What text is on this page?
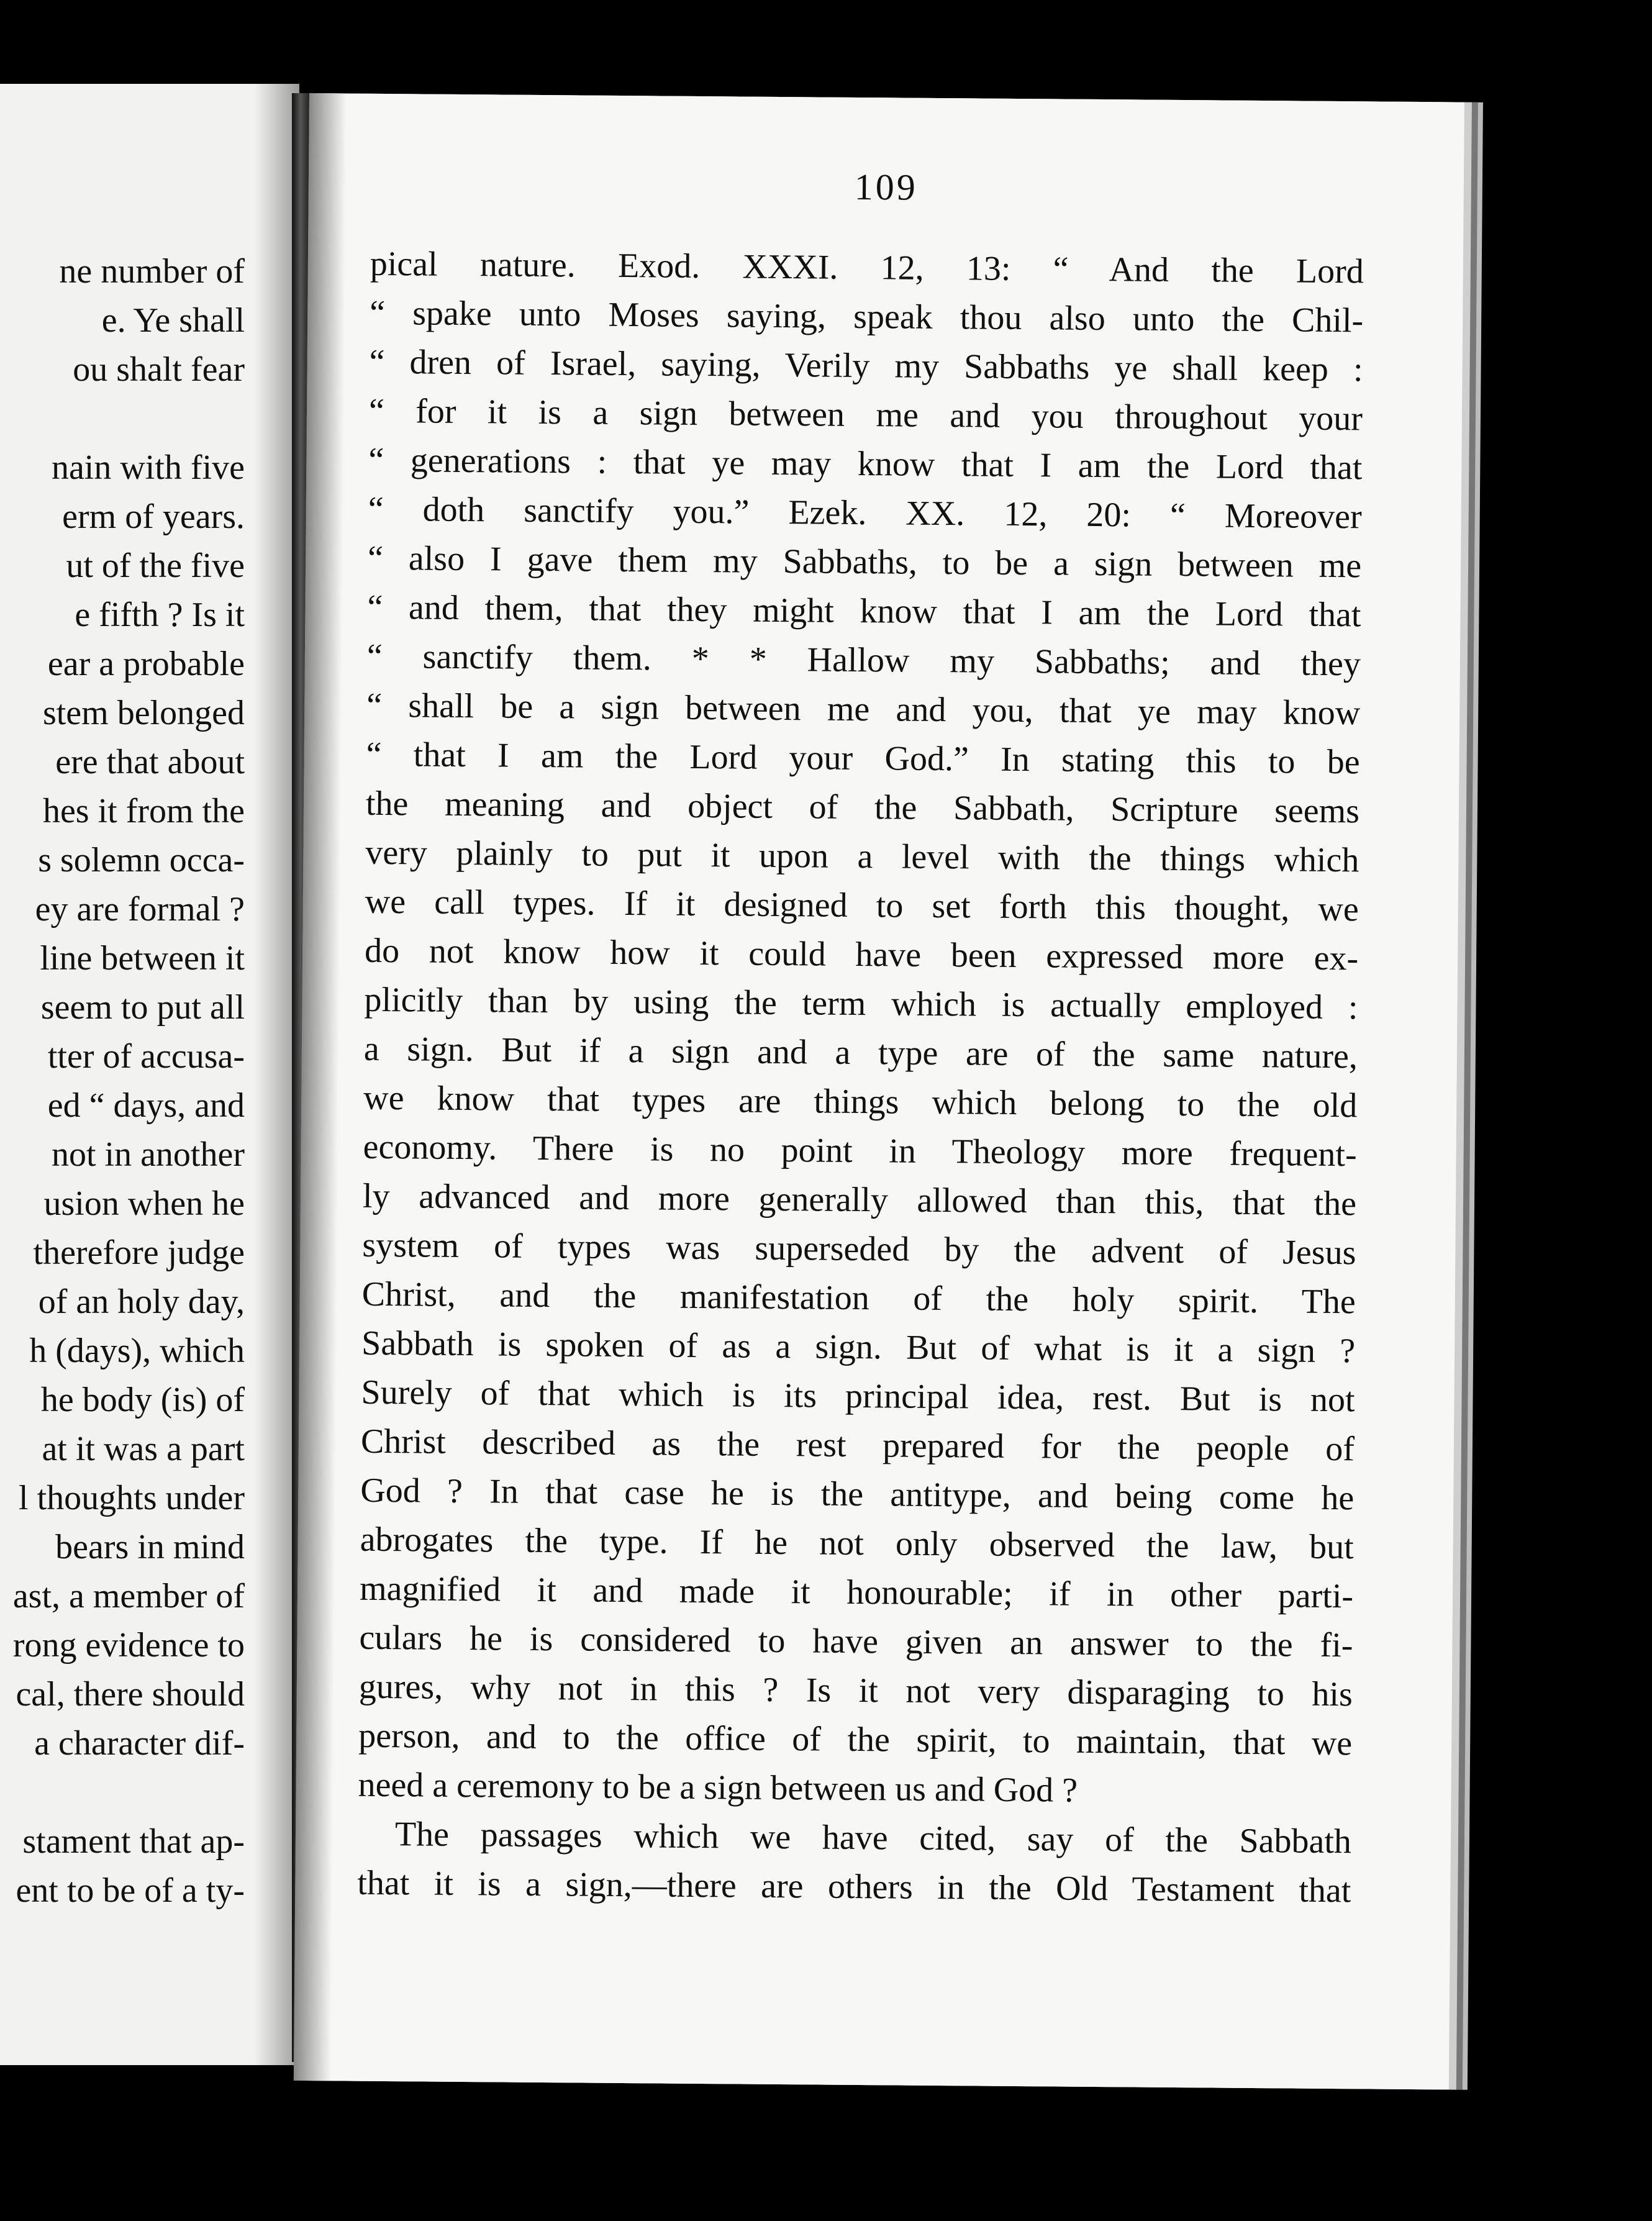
ne number of
e. Ye shall
ou shalt fear
nain with five
erm of years.
ut of the five
e fifth ? Is it
ear a probable
stem belonged
ere that about
hes it from the
s solemn occa-
ey are formal ?
line between it
seem to put all
tter of accusa-
ed “ days, and
not in another
usion when he
therefore judge
of an holy day,
h (days), which
he body (is) of
at it was a part
l thoughts under
bears in mind
ast, a member of
rong evidence to
cal, there should
a character dif-
stament that ap-
ent to be of a ty-
109
pical nature. Exod. XXXI. 12, 13: “ And the Lord
“ spake unto Moses saying, speak thou also unto the Chil-
“ dren of Israel, saying, Verily my Sabbaths ye shall keep :
“ for it is a sign between me and you throughout your
“ generations : that ye may know that I am the Lord that
“ doth sanctify you.” Ezek. XX. 12, 20: “ Moreover
“ also I gave them my Sabbaths, to be a sign between me
“ and them, that they might know that I am the Lord that
“ sanctify them. * * Hallow my Sabbaths; and they
“ shall be a sign between me and you, that ye may know
“ that I am the Lord your God.” In stating this to be
the meaning and object of the Sabbath, Scripture seems
very plainly to put it upon a level with the things which
we call types. If it designed to set forth this thought, we
do not know how it could have been expressed more ex-
plicitly than by using the term which is actually employed :
a sign. But if a sign and a type are of the same nature,
we know that types are things which belong to the old
economy. There is no point in Theology more frequent-
ly advanced and more generally allowed than this, that the
system of types was superseded by the advent of Jesus
Christ, and the manifestation of the holy spirit. The
Sabbath is spoken of as a sign. But of what is it a sign ?
Surely of that which is its principal idea, rest. But is not
Christ described as the rest prepared for the people of
God ? In that case he is the antitype, and being come he
abrogates the type. If he not only observed the law, but
magnified it and made it honourable; if in other parti-
culars he is considered to have given an answer to the fi-
gures, why not in this ? Is it not very disparaging to his
person, and to the office of the spirit, to maintain, that we
need a ceremony to be a sign between us and God ?
The passages which we have cited, say of the Sabbath
that it is a sign,—there are others in the Old Testament that
